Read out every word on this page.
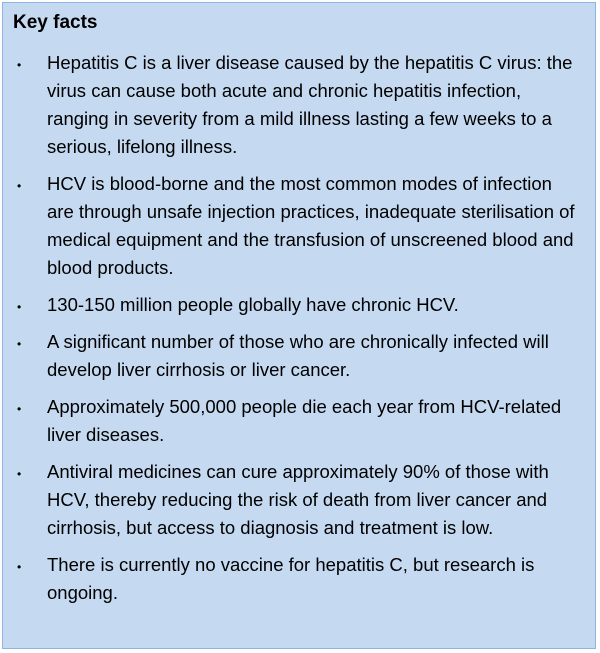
Key facts
• Hepatitis C is a liver disease caused by the hepatitis C virus: the virus can cause both acute and chronic hepatitis infection, ranging in severity from a mild illness lasting a few weeks to a serious, lifelong illness.
• HCV is blood-borne and the most common modes of infection are through unsafe injection practices, inadequate sterilisation of medical equipment and the transfusion of unscreened blood and blood products.
• 130-150 million people globally have chronic HCV.
• A significant number of those who are chronically infected will develop liver cirrhosis or liver cancer.
• Approximately 500,000 people die each year from HCV-related liver diseases.
• Antiviral medicines can cure approximately 90% of those with HCV, thereby reducing the risk of death from liver cancer and cirrhosis, but access to diagnosis and treatment is low.
• There is currently no vaccine for hepatitis C, but research is ongoing.
